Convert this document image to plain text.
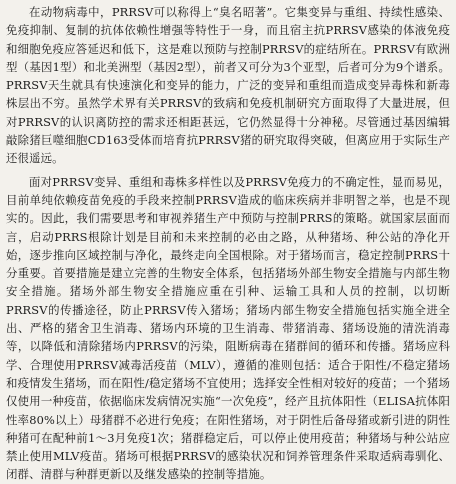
在动物病毒中，PRRSV可以称得上“臭名昭著”。它集变异与重组、持续性感染、免疫抑制、复制的抗体依赖性增强等特性于一身，而且宿主抗PRRSV感染的体液免疫和细胞免疫应答延迟和低下，这是难以预防与控制PRRSV的症结所在。PRRSV有欧洲型（基因1型）和北美洲型（基因2型），前者又可分为3个亚型，后者可分为9个谱系。PRRSV天生就具有快速演化和变异的能力，广泛的变异和重组而造成变异毒株和新毒株层出不穷。虽然学术界有关PRRSV的致病和免疫机制研究方面取得了大量进展，但对PRRSV的认识离防控的需求还相距甚远，它仍然显得十分神秘。尽管通过基因编辑敲除猪巨噬细胞CD163受体而培育抗PRRSV猪的研究取得突破，但离应用于实际生产还很遥远。

面对PRRSV变异、重组和毒株多样性以及PRRSV免疫力的不确定性，显而易见，目前单纯依赖疫苗免疫的手段来控制PRRSV造成的临床疾病并非明智之举，也是不现实的。因此，我们需要思考和审视养猪生产中预防与控制PRRS的策略。就国家层面而言，启动PRRS根除计划是目前和未来控制的必由之路，从种猪场、种公站的净化开始，逐步推向区域控制与净化，最终走向全国根除。对于猪场而言，稳定控制PRRS十分重要。首要措施是建立完善的生物安全体系，包括猪场外部生物安全措施与内部生物安全措施。猪场外部生物安全措施应重在引种、运输工具和人员的控制，以切断PRRSV的传播途径，防止PRRSV传入猪场；猪场内部生物安全措施包括实施全进全出、严格的猪舍卫生消毒、猪场内环境的卫生消毒、带猪消毒、猪场设施的清洗消毒等，以降低和清除猪场内PRRSV的污染，阻断病毒在猪群间的循环和传播。猪场应科学、合理使用PRRSV减毒活疫苗（MLV），遵循的准则包括：适合于阳性/不稳定猪场和疫情发生猪场，而在阳性/稳定猪场不宜使用；选择安全性相对较好的疫苗；一个猪场仅使用一种疫苗，依据临床发病情况实施“一次免疫”，经产且抗体阳性（ELISA抗体阳性率80%以上）母猪群不必进行免疫；在阳性猪场，对于阴性后备母猪或新引进的阴性种猪可在配种前1～3月免疫1次；猪群稳定后，可以停止使用疫苗；种猪场与种公站应禁止使用MLV疫苗。猪场可根据PRRSV的感染状况和饲养管理条件采取适病毒驯化、闭群、清群与种群更新以及继发感染的控制等措施。
